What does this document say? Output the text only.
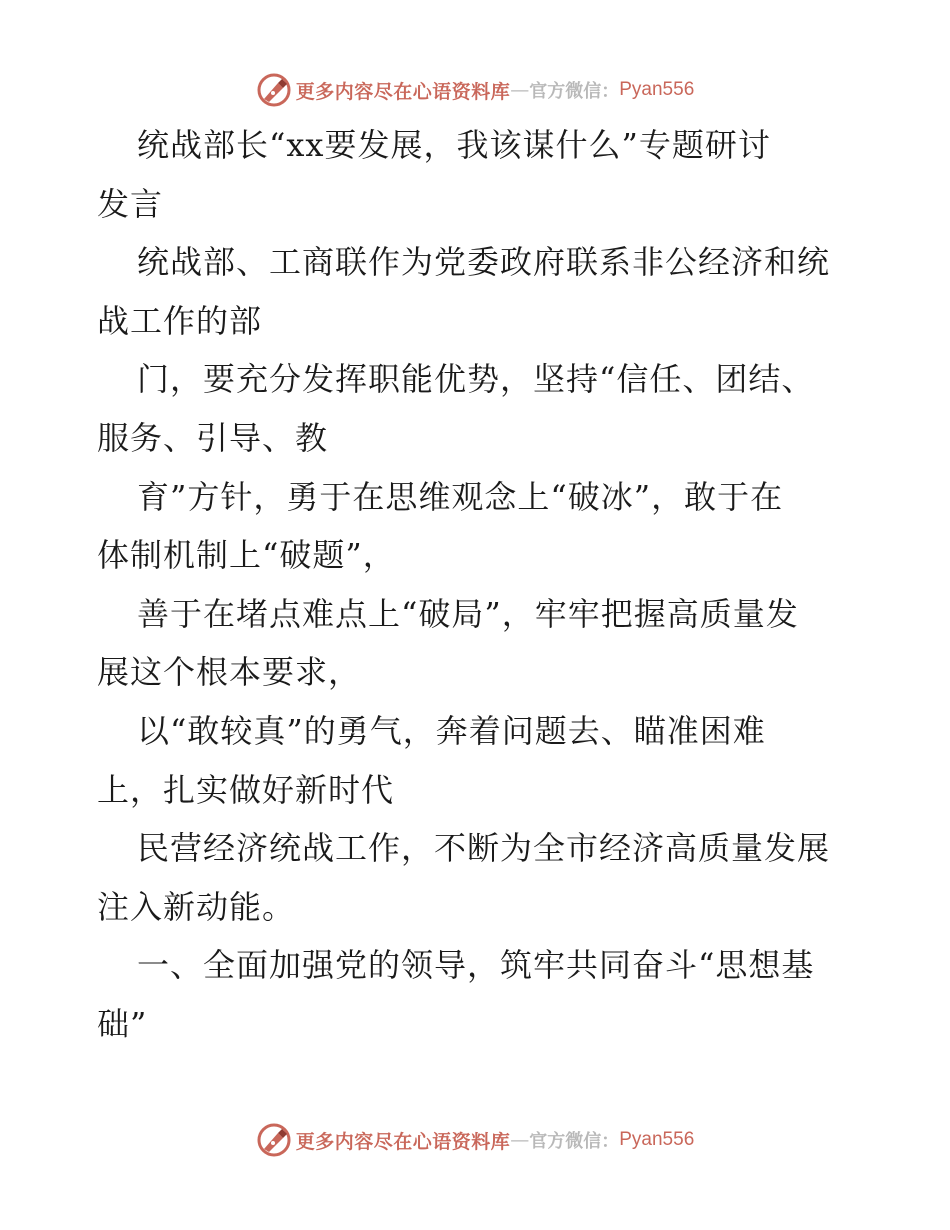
更多内容尽在心语资料库 — 官方微信： Pyan556
统战部长“xx要发展，我该谋什么”专题研讨
发言
统战部、工商联作为党委政府联系非公经济和统
战工作的部
门，要充分发挥职能优势，坚持“信任、团结、
服务、引导、教
育”方针，勇于在思维观念上“破冰”，敢于在
体制机制上“破题”，
善于在堵点难点上“破局”，牢牢把握高质量发
展这个根本要求，
以“敢较真”的勇气，奔着问题去、瞄准困难
上，扎实做好新时代
民营经济统战工作，不断为全市经济高质量发展
注入新动能。
一、全面加强党的领导，筑牢共同奋斗“思想基
础”
更多内容尽在心语资料库 — 官方微信： Pyan556
